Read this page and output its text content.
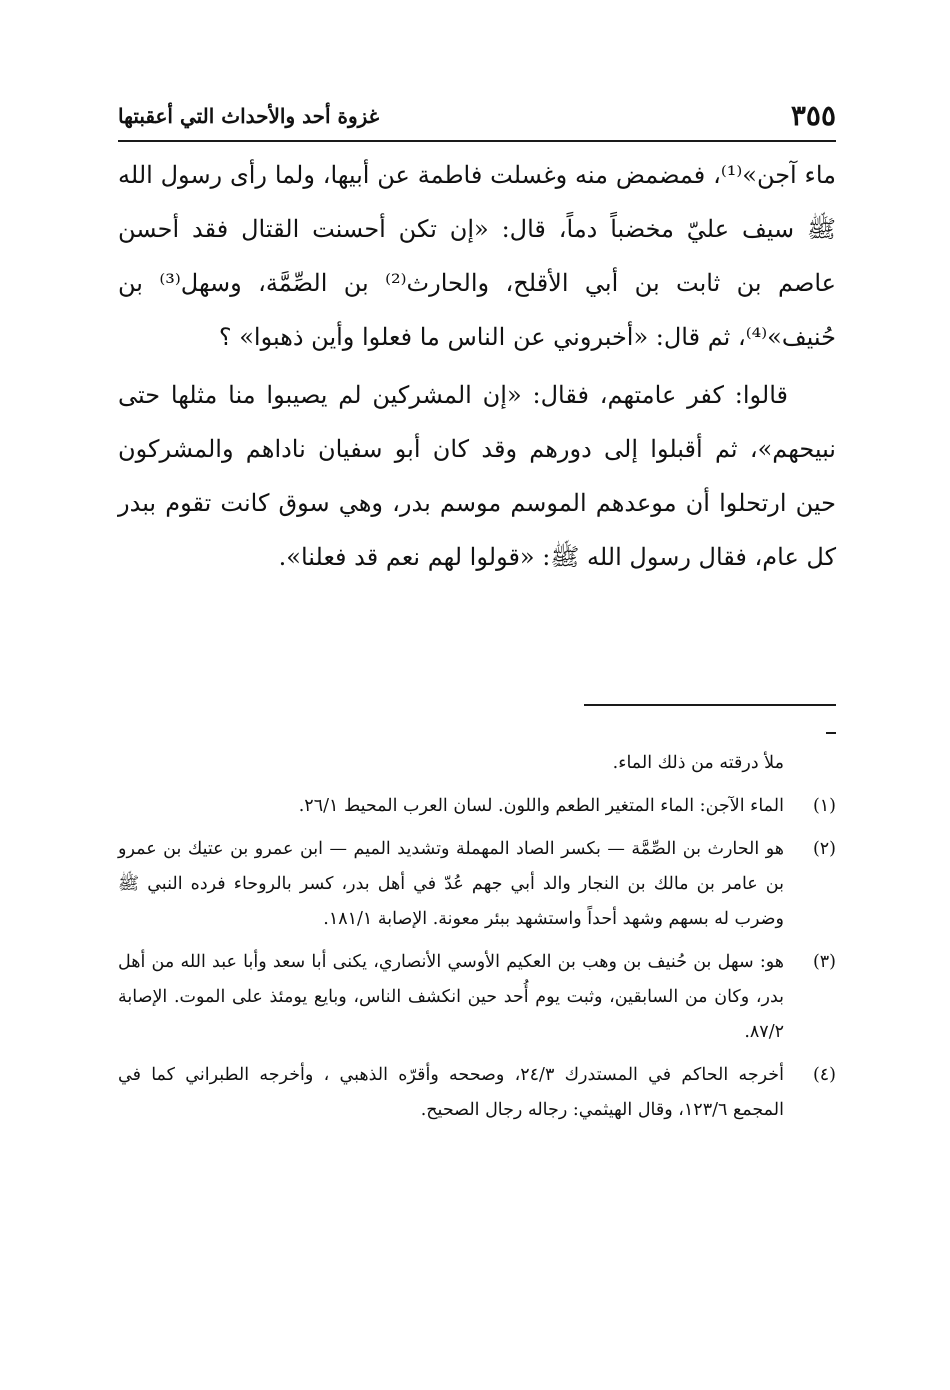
٣٥٥
غزوة أحد والأحداث التي أعقبتها

ماء آجن»⁽¹⁾، فمضمض منه وغسلت فاطمة عن أبيها، ولما رأى رسول الله ﷺ سيف عليّ مخضباً دماً، قال: «إن تكن أحسنت القتال فقد أحسن عاصم بن ثابت بن أبي الأقلح، والحارث⁽²⁾ بن الصِّمَّة، وسهل⁽³⁾ بن حُنيف»⁽⁴⁾، ثم قال: «أخبروني عن الناس ما فعلوا وأين ذهبوا» ؟

قالوا: كفر عامتهم، فقال: «إن المشركين لم يصيبوا منا مثلها حتى نبيحهم»، ثم أقبلوا إلى دورهم وقد كان أبو سفيان ناداهم والمشركون حين ارتحلوا أن موعدهم الموسم موسم بدر، وهي سوق كانت تقوم ببدر كل عام، فقال رسول الله ﷺ: «قولوا لهم نعم قد فعلنا».

ملأ درقته من ذلك الماء.
(١)
الماء الآجن: الماء المتغير الطعم واللون. لسان العرب المحيط ٢٦/١.
(٢)
هو الحارث بن الصِّمَّة — بكسر الصاد المهملة وتشديد الميم — ابن عمرو بن عتيك بن عمرو بن عامر بن مالك بن النجار والد أبي جهم عُدّ في أهل بدر، كسر بالروحاء فرده النبي ﷺ وضرب له بسهم وشهد أحداً واستشهد ببئر معونة. الإصابة ١٨١/١.
(٣)
هو: سهل بن حُنيف بن وهب بن العكيم الأوسي الأنصاري، يكنى أبا سعد وأبا عبد الله من أهل بدر، وكان من السابقين، وثبت يوم أُحد حين انكشف الناس، وبايع يومئذ على الموت. الإصابة ٨٧/٢.
(٤)
أخرجه الحاكم في المستدرك ٢٤/٣، وصححه وأقرّه الذهبي ، وأخرجه الطبراني كما في المجمع ١٢٣/٦، وقال الهيثمي: رجاله رجال الصحيح.
